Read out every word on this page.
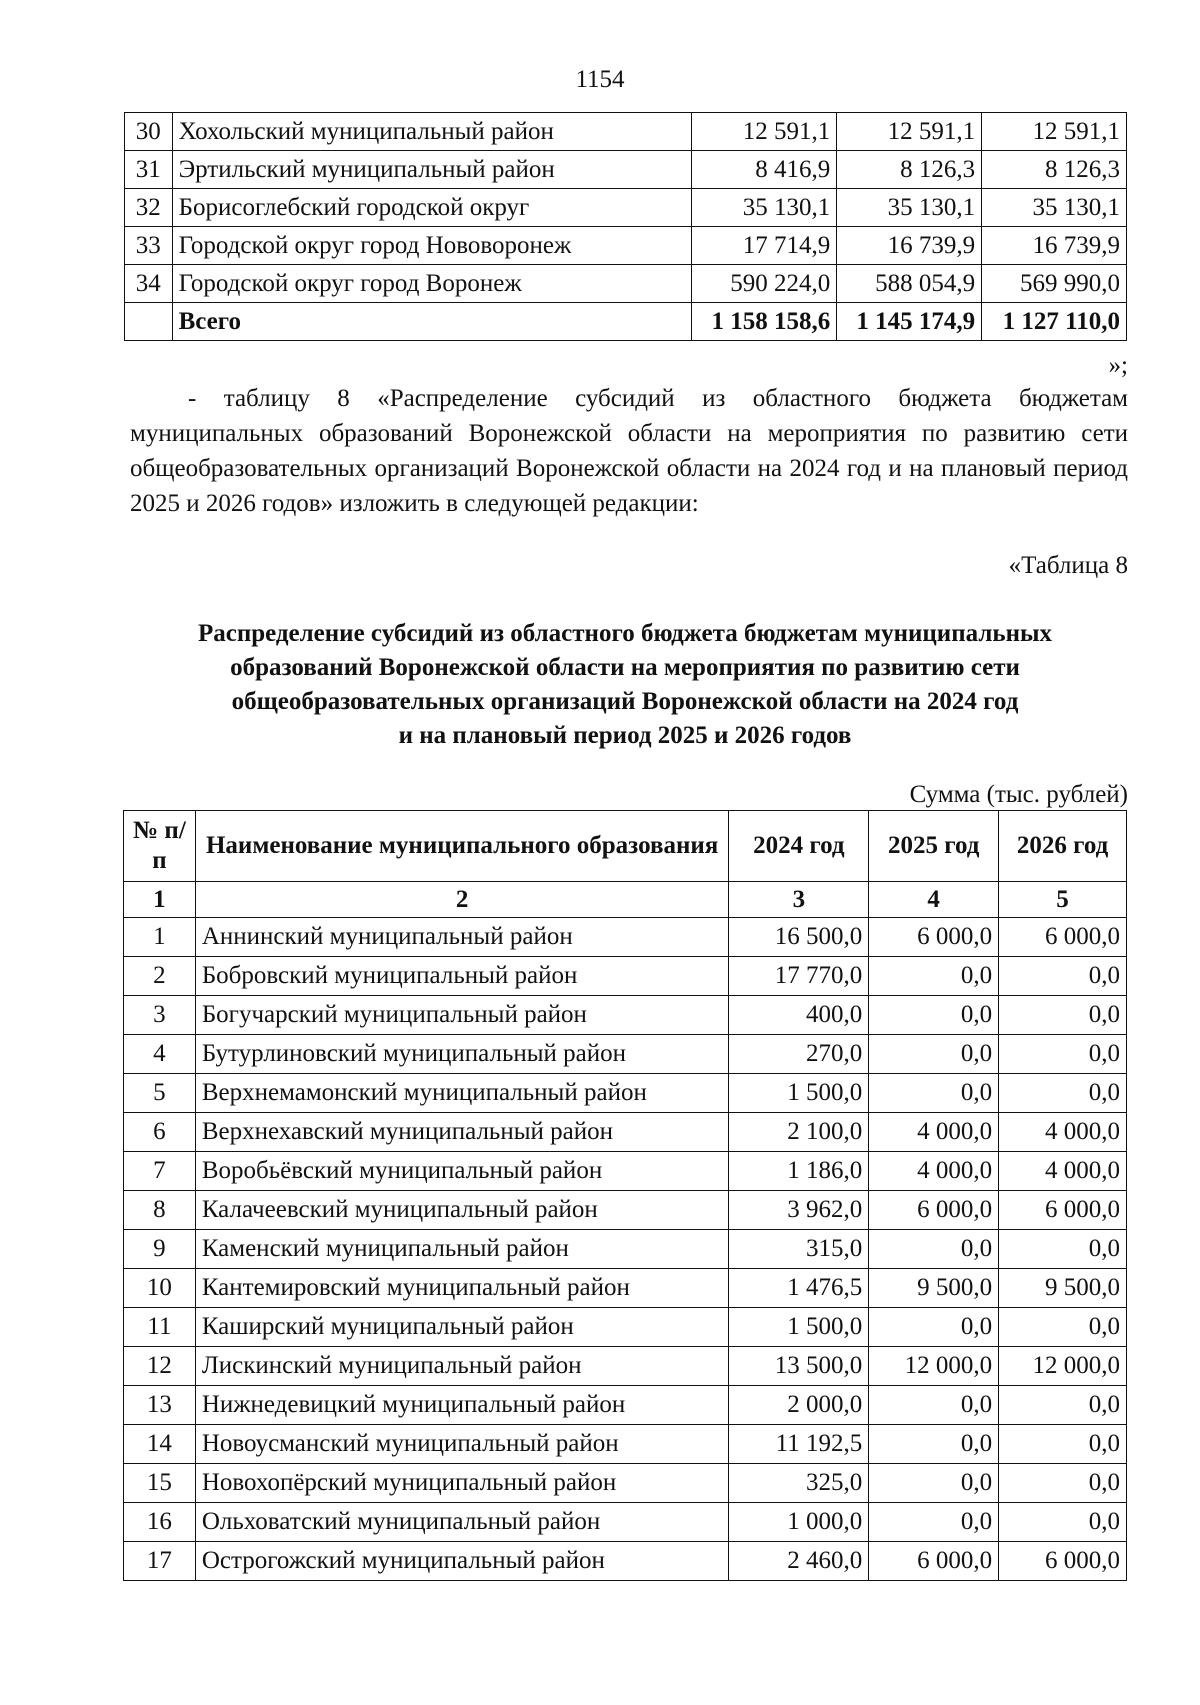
1154
30	Хохольский муниципальный район	12 591,1	12 591,1	12 591,1
31	Эртильский муниципальный район	8 416,9	8 126,3	8 126,3
32	Борисоглебский городской округ	35 130,1	35 130,1	35 130,1
33	Городской округ город Нововоронеж	17 714,9	16 739,9	16 739,9
34	Городской округ город Воронеж	590 224,0	588 054,9	569 990,0
	Всего	1 158 158,6	1 145 174,9	1 127 110,0
»;
- таблицу 8 «Распределение субсидий из областного бюджета бюджетам муниципальных образований Воронежской области на мероприятия по развитию сети общеобразовательных организаций Воронежской области на 2024 год и на плановый период 2025 и 2026 годов» изложить в следующей редакции:
«Таблица 8
Распределение субсидий из областного бюджета бюджетам муниципальных
образований Воронежской области на мероприятия по развитию сети
общеобразовательных организаций Воронежской области на 2024 год
и на плановый период 2025 и 2026 годов
Сумма (тыс. рублей)
№ п/п	Наименование муниципального образования	2024 год	2025 год	2026 год
1	2	3	4	5
1	Аннинский муниципальный район	16 500,0	6 000,0	6 000,0
2	Бобровский муниципальный район	17 770,0	0,0	0,0
3	Богучарский муниципальный район	400,0	0,0	0,0
4	Бутурлиновский муниципальный район	270,0	0,0	0,0
5	Верхнемамонский муниципальный район	1 500,0	0,0	0,0
6	Верхнехавский муниципальный район	2 100,0	4 000,0	4 000,0
7	Воробьёвский муниципальный район	1 186,0	4 000,0	4 000,0
8	Калачеевский муниципальный район	3 962,0	6 000,0	6 000,0
9	Каменский муниципальный район	315,0	0,0	0,0
10	Кантемировский муниципальный район	1 476,5	9 500,0	9 500,0
11	Каширский муниципальный район	1 500,0	0,0	0,0
12	Лискинский муниципальный район	13 500,0	12 000,0	12 000,0
13	Нижнедевицкий муниципальный район	2 000,0	0,0	0,0
14	Новоусманский муниципальный район	11 192,5	0,0	0,0
15	Новохопёрский муниципальный район	325,0	0,0	0,0
16	Ольховатский муниципальный район	1 000,0	0,0	0,0
17	Острогожский муниципальный район	2 460,0	6 000,0	6 000,0
